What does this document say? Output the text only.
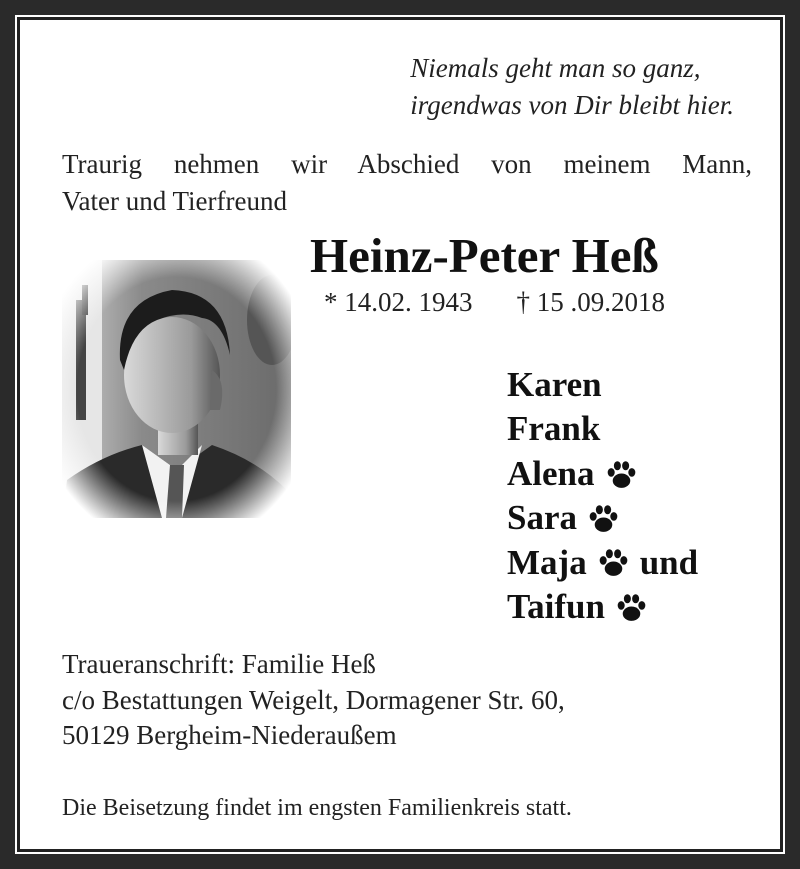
Niemals geht man so ganz,
irgendwas von Dir bleibt hier.
Traurig nehmen wir Abschied von meinem Mann,
Vater und Tierfreund
Heinz-Peter Heß
* 14.02. 1943 † 15 .09.2018
Karen
Frank
Alena
Sara
Maja und
Taifun
Traueranschrift: Familie Heß
c/o Bestattungen Weigelt, Dormagener Str. 60,
50129 Bergheim-Niederaußem
Die Beisetzung findet im engsten Familienkreis statt.
